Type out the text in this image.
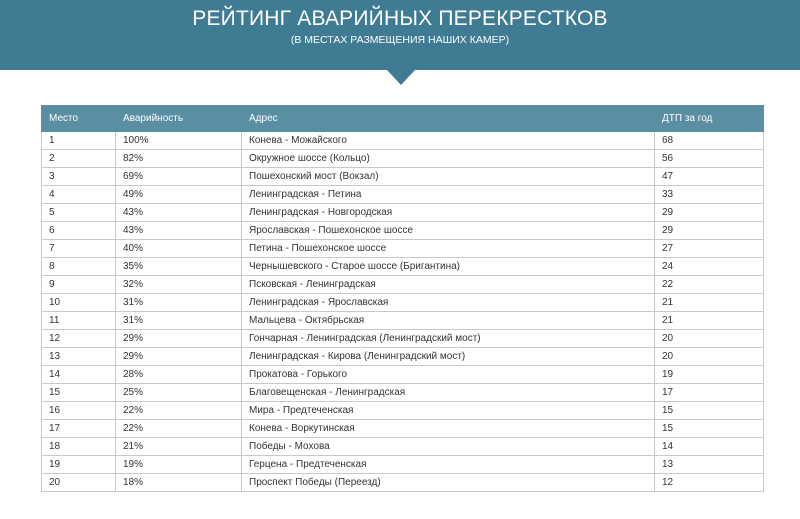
РЕЙТИНГ АВАРИЙНЫХ ПЕРЕКРЕСТКОВ
(В МЕСТАХ РАЗМЕЩЕНИЯ НАШИХ КАМЕР)
Место	Аварийность	Адрес	ДТП за год
1	100%	Конева - Можайского	68
2	82%	Окружное шоссе (Кольцо)	56
3	69%	Пошехонский мост (Вокзал)	47
4	49%	Ленинградская - Петина	33
5	43%	Ленинградская - Новгородская	29
6	43%	Ярославская - Пошехонское шоссе	29
7	40%	Петина - Пошехонское шоссе	27
8	35%	Чернышевского - Старое шоссе (Бригантина)	24
9	32%	Псковская - Ленинградская	22
10	31%	Ленинградская - Ярославская	21
11	31%	Мальцева - Октябрьская	21
12	29%	Гончарная - Ленинградская (Ленинградский мост)	20
13	29%	Ленинградская - Кирова (Ленинградский мост)	20
14	28%	Прокатова - Горького	19
15	25%	Благовещенская - Ленинградская	17
16	22%	Мира - Предтеченская	15
17	22%	Конева - Воркутинская	15
18	21%	Победы - Мохова	14
19	19%	Герцена - Предтеченская	13
20	18%	Проспект Победы (Переезд)	12
